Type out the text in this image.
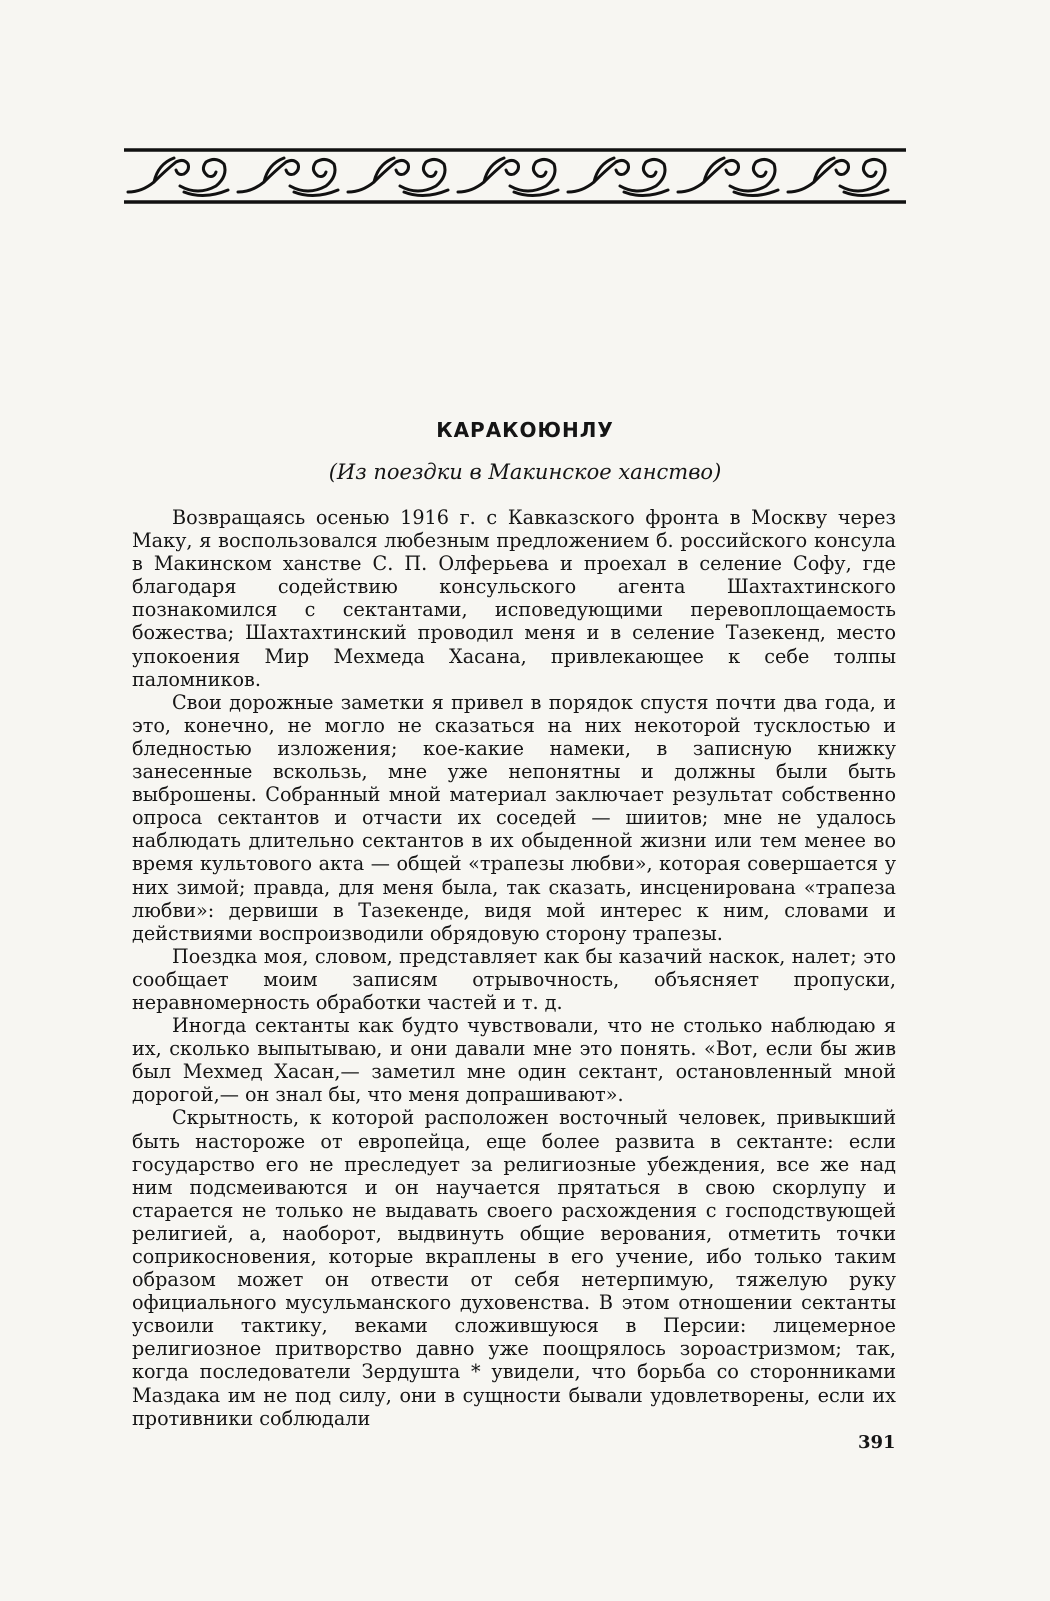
КАРАКОЮНЛУ
(Из поездки в Макинское ханство)

Возвращаясь осенью 1916 г. с Кавказского фронта в Москву через Маку, я воспользовался любезным предложением б. российского консула в Макинском ханстве С. П. Олферьева и проехал в селение Софу, где благодаря содействию консульского агента Шахтахтинского познакомился с сектантами, исповедующими перевоплощаемость божества; Шахтахтинский проводил меня и в селение Тазекенд, место упокоения Мир Мехмеда Хасана, привлекающее к себе толпы паломников.

Свои дорожные заметки я привел в порядок спустя почти два года, и это, конечно, не могло не сказаться на них некоторой тусклостью и бледностью изложения; кое-какие намеки, в записную книжку занесенные вскользь, мне уже непонятны и должны были быть выброшены. Собранный мной материал заключает результат собственно опроса сектантов и отчасти их соседей — шиитов; мне не удалось наблюдать длительно сектантов в их обыденной жизни или тем менее во время культового акта — общей «трапезы любви», которая совершается у них зимой; правда, для меня была, так сказать, инсценирована «трапеза любви»: дервиши в Тазекенде, видя мой интерес к ним, словами и действиями воспроизводили обрядовую сторону трапезы.

Поездка моя, словом, представляет как бы казачий наскок, налет; это сообщает моим записям отрывочность, объясняет пропуски, неравномерность обработки частей и т. д.

Иногда сектанты как будто чувствовали, что не столько наблюдаю я их, сколько выпытываю, и они давали мне это понять. «Вот, если бы жив был Мехмед Хасан,— заметил мне один сектант, остановленный мной дорогой,— он знал бы, что меня допрашивают».

Скрытность, к которой расположен восточный человек, привыкший быть настороже от европейца, еще более развита в сектанте: если государство его не преследует за религиозные убеждения, все же над ним подсмеиваются и он научается прятаться в свою скорлупу и старается не только не выдавать своего расхождения с господствующей религией, а, наоборот, выдвинуть общие верования, отметить точки соприкосновения, которые вкраплены в его учение, ибо только таким образом может он отвести от себя нетерпимую, тяжелую руку официального мусульманского духовенства. В этом отношении сектанты усвоили тактику, веками сложившуюся в Персии: лицемерное религиозное притворство давно уже поощрялось зороастризмом; так, когда последователи Зердушта * увидели, что борьба со сторонниками Маздака им не под силу, они в сущности бывали удовлетворены, если их противники соблюдали

391
